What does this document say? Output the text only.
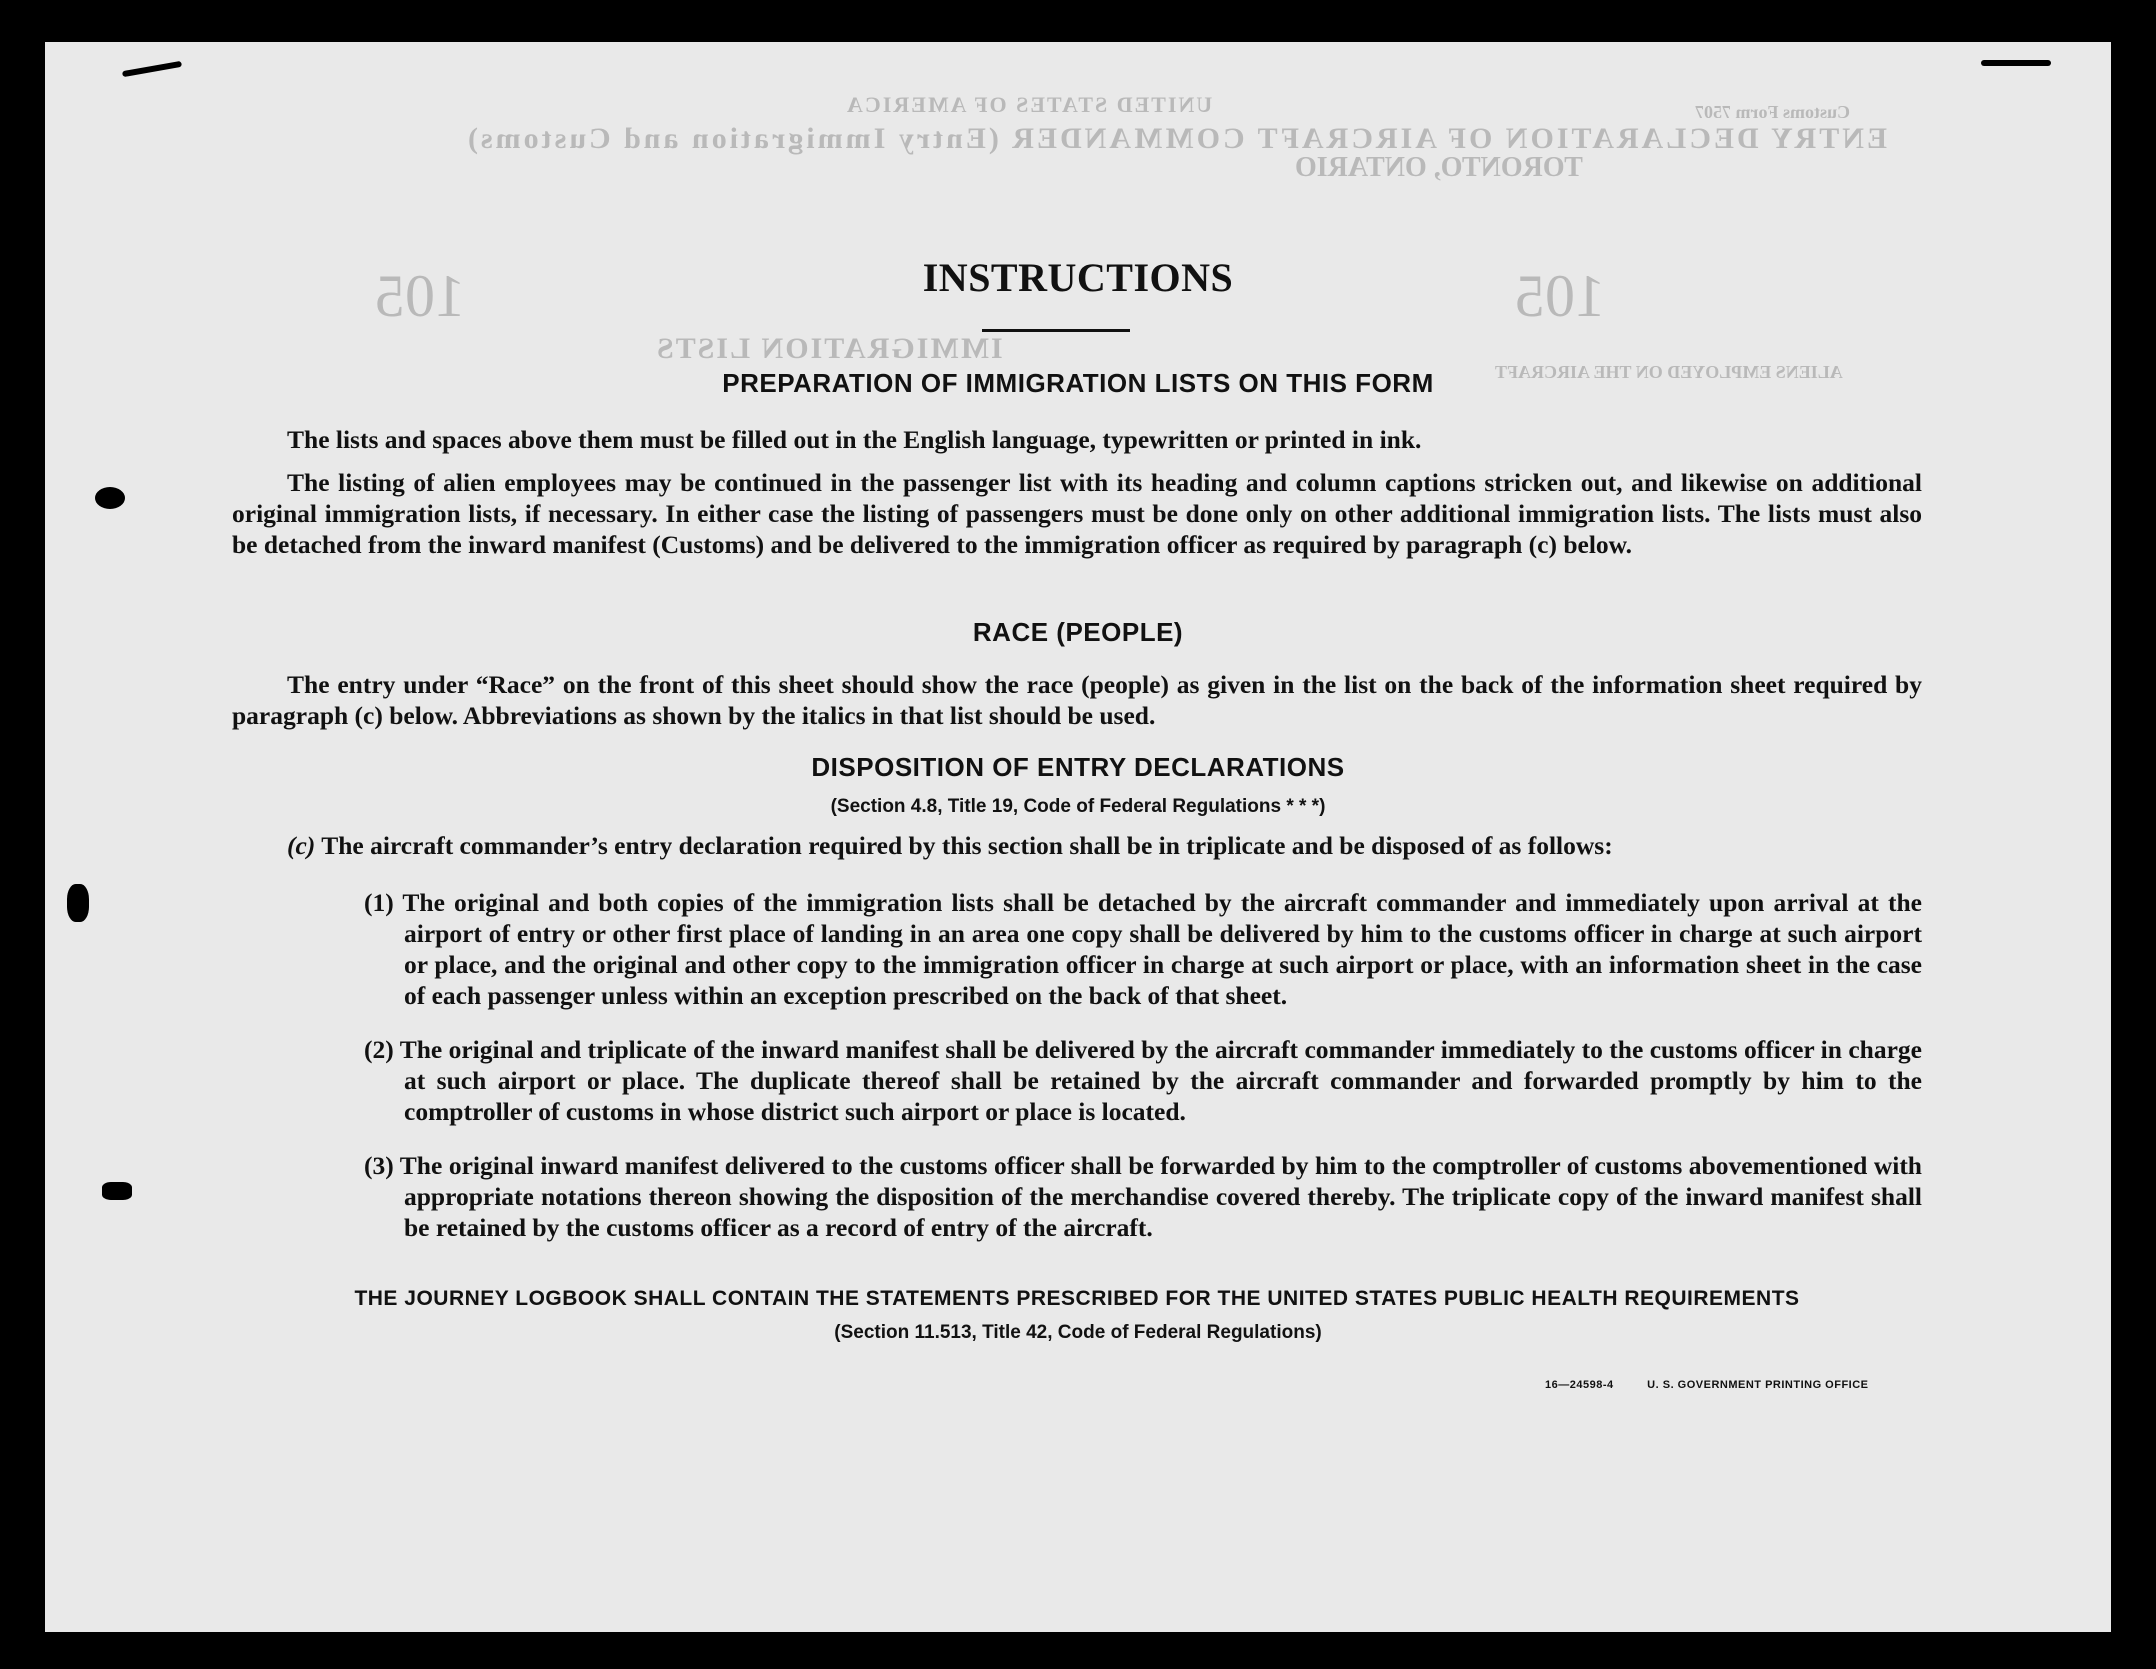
UNITED STATES OF AMERICA
ENTRY DECLARATION OF AIRCRAFT COMMANDER (Entry Immigration and Customs)
Customs Form 7507
TORONTO, ONTARIO
ALIENS EMPLOYED ON THE AIRCRAFT
IMMIGRATION LISTS
105	105
INSTRUCTIONS
PREPARATION OF IMMIGRATION LISTS ON THIS FORM
The lists and spaces above them must be filled out in the English language, typewritten or printed in ink.
The listing of alien employees may be continued in the passenger list with its heading and column captions stricken out, and likewise on additional original immigration lists, if necessary. In either case the listing of passengers must be done only on other additional immigration lists. The lists must also be detached from the inward manifest (Customs) and be delivered to the immigration officer as required by paragraph (c) below.
RACE (PEOPLE)
The entry under “Race” on the front of this sheet should show the race (people) as given in the list on the back of the information sheet required by paragraph (c) below. Abbreviations as shown by the italics in that list should be used.
DISPOSITION OF ENTRY DECLARATIONS
(Section 4.8, Title 19, Code of Federal Regulations * * *)
(c) The aircraft commander’s entry declaration required by this section shall be in triplicate and be disposed of as follows:
(1) The original and both copies of the immigration lists shall be detached by the aircraft commander and immediately upon arrival at the airport of entry or other first place of landing in an area one copy shall be delivered by him to the customs officer in charge at such airport or place, and the original and other copy to the immigration officer in charge at such airport or place, with an information sheet in the case of each passenger unless within an exception prescribed on the back of that sheet.
(2) The original and triplicate of the inward manifest shall be delivered by the aircraft commander immediately to the customs officer in charge at such airport or place. The duplicate thereof shall be retained by the aircraft commander and forwarded promptly by him to the comptroller of customs in whose district such airport or place is located.
(3) The original inward manifest delivered to the customs officer shall be forwarded by him to the comptroller of customs abovementioned with appropriate notations thereon showing the disposition of the merchandise covered thereby. The triplicate copy of the inward manifest shall be retained by the customs officer as a record of entry of the aircraft.
THE JOURNEY LOGBOOK SHALL CONTAIN THE STATEMENTS PRESCRIBED FOR THE UNITED STATES PUBLIC HEALTH REQUIREMENTS
(Section 11.513, Title 42, Code of Federal Regulations)
16—24598-4	U. S. GOVERNMENT PRINTING OFFICE
